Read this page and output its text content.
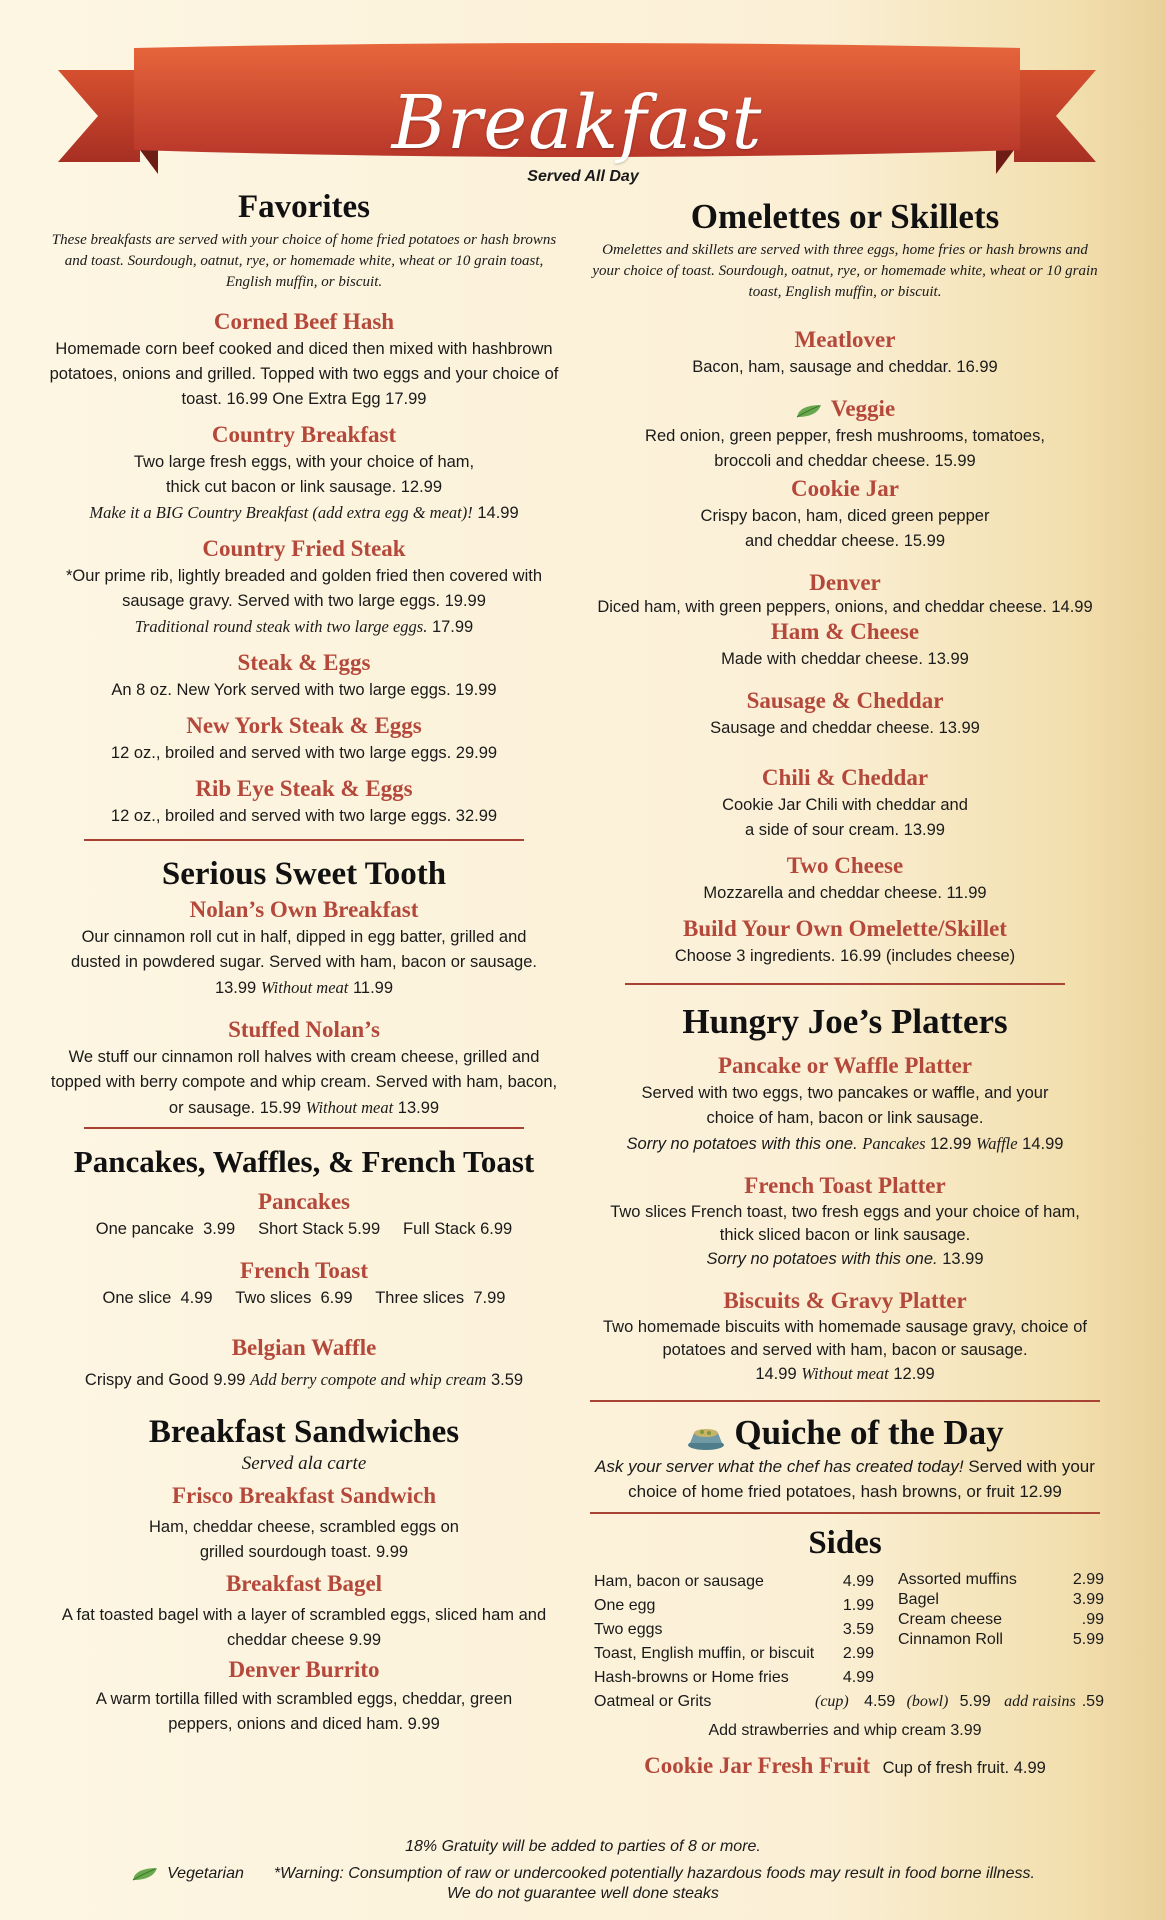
Breakfast
Served All Day
Favorites
These breakfasts are served with your choice of home fried potatoes or hash browns and toast. Sourdough, oatnut, rye, or homemade white, wheat or 10 grain toast, English muffin, or biscuit.
Corned Beef Hash
Homemade corn beef cooked and diced then mixed with hashbrown potatoes, onions and grilled. Topped with two eggs and your choice of toast. 16.99 One Extra Egg 17.99
Country Breakfast
Two large fresh eggs, with your choice of ham, thick cut bacon or link sausage. 12.99
Make it a BIG Country Breakfast (add extra egg & meat)! 14.99
Country Fried Steak
*Our prime rib, lightly breaded and golden fried then covered with sausage gravy. Served with two large eggs. 19.99
Traditional round steak with two large eggs. 17.99
Steak & Eggs
An 8 oz. New York served with two large eggs. 19.99
New York Steak & Eggs
12 oz., broiled and served with two large eggs. 29.99
Rib Eye Steak & Eggs
12 oz., broiled and served with two large eggs. 32.99
Serious Sweet Tooth
Nolan’s Own Breakfast
Our cinnamon roll cut in half, dipped in egg batter, grilled and dusted in powdered sugar. Served with ham, bacon or sausage. 13.99 Without meat 11.99
Stuffed Nolan’s
We stuff our cinnamon roll halves with cream cheese, grilled and topped with berry compote and whip cream. Served with ham, bacon, or sausage. 15.99 Without meat 13.99
Pancakes, Waffles, & French Toast
Pancakes
One pancake  3.99     Short Stack 5.99     Full Stack 6.99
French Toast
One slice  4.99     Two slices  6.99     Three slices  7.99
Belgian Waffle
Crispy and Good 9.99 Add berry compote and whip cream 3.59
Breakfast Sandwiches
Served ala carte
Frisco Breakfast Sandwich
Ham, cheddar cheese, scrambled eggs on grilled sourdough toast. 9.99
Breakfast Bagel
A fat toasted bagel with a layer of scrambled eggs, sliced ham and cheddar cheese 9.99
Denver Burrito
A warm tortilla filled with scrambled eggs, cheddar, green peppers, onions and diced ham. 9.99
Omelettes or Skillets
Omelettes and skillets are served with three eggs, home fries or hash browns and your choice of toast. Sourdough, oatnut, rye, or homemade white, wheat or 10 grain toast, English muffin, or biscuit.
Meatlover
Bacon, ham, sausage and cheddar. 16.99
Veggie
Red onion, green pepper, fresh mushrooms, tomatoes, broccoli and cheddar cheese. 15.99
Cookie Jar
Crispy bacon, ham, diced green pepper and cheddar cheese. 15.99
Denver
Diced ham, with green peppers, onions, and cheddar cheese. 14.99
Ham & Cheese
Made with cheddar cheese. 13.99
Sausage & Cheddar
Sausage and cheddar cheese. 13.99
Chili & Cheddar
Cookie Jar Chili with cheddar and a side of sour cream. 13.99
Two Cheese
Mozzarella and cheddar cheese. 11.99
Build Your Own Omelette/Skillet
Choose 3 ingredients. 16.99 (includes cheese)
Hungry Joe’s Platters
Pancake or Waffle Platter
Served with two eggs, two pancakes or waffle, and your choice of ham, bacon or link sausage.
Sorry no potatoes with this one. Pancakes 12.99 Waffle 14.99
French Toast Platter
Two slices French toast, two fresh eggs and your choice of ham, thick sliced bacon or link sausage.
Sorry no potatoes with this one. 13.99
Biscuits & Gravy Platter
Two homemade biscuits with homemade sausage gravy, choice of potatoes and served with ham, bacon or sausage.
14.99 Without meat 12.99
Quiche of the Day
Ask your server what the chef has created today! Served with your choice of home fried potatoes, hash browns, or fruit 12.99
Sides
Ham, bacon or sausage	4.99
One egg	1.99
Two eggs	3.59
Toast, English muffin, or biscuit 2.99
Hash-browns or Home fries	4.99
Assorted muffins	2.99
Bagel	3.99
Cream cheese	.99
Cinnamon Roll	5.99
Oatmeal or Grits	(cup) 4.59 (bowl) 5.99 add raisins .59
Add strawberries and whip cream 3.99
Cookie Jar Fresh Fruit Cup of fresh fruit. 4.99
18% Gratuity will be added to parties of 8 or more.
Vegetarian *Warning: Consumption of raw or undercooked potentially hazardous foods may result in food borne illness.
We do not guarantee well done steaks
